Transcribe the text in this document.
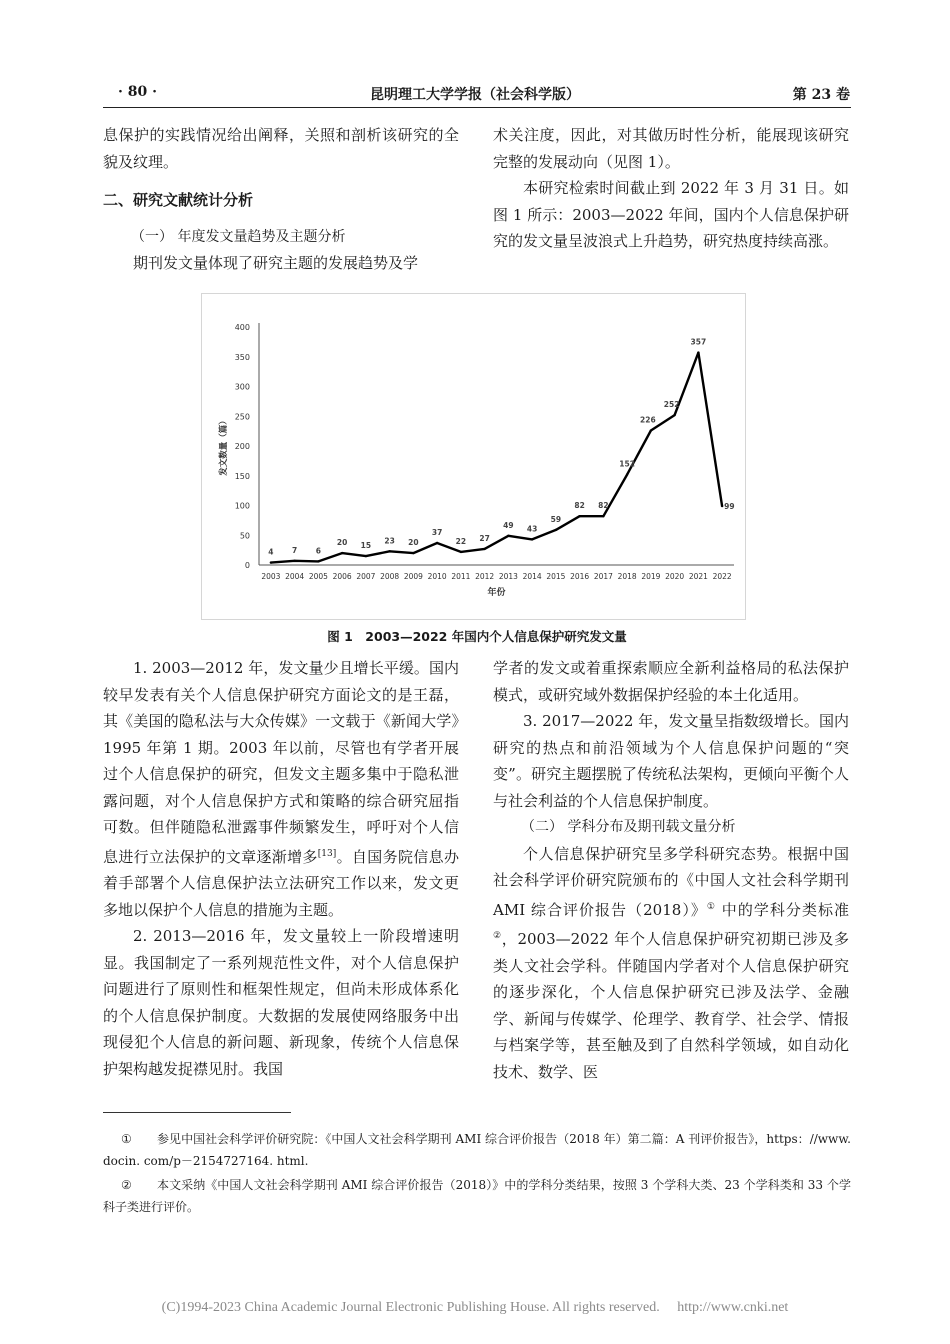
· 80 ·	昆明理工大学学报（社会科学版）	第 23 卷

息保护的实践情况给出阐释，关照和剖析该研究的全貌及纹理。

二、研究文献统计分析
（一） 年度发文量趋势及主题分析

期刊发文量体现了研究主题的发展趋势及学

术关注度，因此，对其做历时性分析，能展现该研究完整的发展动向（见图 1）。

本研究检索时间截止到 2022 年 3 月 31 日。如图 1 所示：2003—2022 年间，国内个人信息保护研究的发文量呈波浪式上升趋势，研究热度持续高涨。

0
50
100
150
200
250
300
350
400
2003 2004 2005 2006 2007 2008 2009 2010 2011 2012 2013 2014 2015 2016 2017 2018 2019 2020 2021 2022
年份
发文数量（篇）
4 7 6
20 15
23 20
37
22 27
49 43
59
82 82
152
226
252
357
99
图 1　2003—2022 年国内个人信息保护研究发文量

1. 2003—2012 年，发文量少且增长平缓。国内较早发表有关个人信息保护研究方面论文的是王磊，其《美国的隐私法与大众传媒》一文载于《新闻大学》1995 年第 1 期。2003 年以前，尽管也有学者开展过个人信息保护的研究，但发文主题多集中于隐私泄露问题，对个人信息保护方式和策略的综合研究屈指可数。但伴随隐私泄露事件频繁发生，呼吁对个人信息进行立法保护的文章逐渐增多[13]。自国务院信息办着手部署个人信息保护法立法研究工作以来，发文更多地以保护个人信息的措施为主题。

2. 2013—2016 年，发文量较上一阶段增速明显。我国制定了一系列规范性文件，对个人信息保护问题进行了原则性和框架性规定，但尚未形成体系化的个人信息保护制度。大数据的发展使网络服务中出现侵犯个人信息的新问题、新现象，传统个人信息保护架构越发捉襟见肘。我国

学者的发文或着重探索顺应全新利益格局的私法保护模式，或研究域外数据保护经验的本土化适用。

3. 2017—2022 年，发文量呈指数级增长。国内研究的热点和前沿领域为个人信息保护问题的“突变”。研究主题摆脱了传统私法架构，更倾向平衡个人与社会利益的个人信息保护制度。

（二） 学科分布及期刊载文量分析

个人信息保护研究呈多学科研究态势。根据中国社会科学评价研究院颁布的《中国人文社会科学期刊 AMI 综合评价报告（2018）》① 中的学科分类标准②，2003—2022 年个人信息保护研究初期已涉及多类人文社会学科。伴随国内学者对个人信息保护研究的逐步深化，个人信息保护研究已涉及法学、金融学、新闻与传媒学、伦理学、教育学、社会学、情报与档案学等，甚至触及到了自然科学领域，如自动化技术、数学、医

① 参见中国社会科学评价研究院：《中国人文社会科学期刊 AMI 综合评价报告（2018 年）第二篇：A 刊评价报告》，https：//www. docin. com/p－2154727164. html.
② 本文采纳《中国人文社会科学期刊 AMI 综合评价报告（2018）》中的学科分类结果，按照 3 个学科大类、23 个学科类和 33 个学科子类进行评价。
(C)1994-2023 China Academic Journal Electronic Publishing House. All rights reserved.　 http://www.cnki.net
